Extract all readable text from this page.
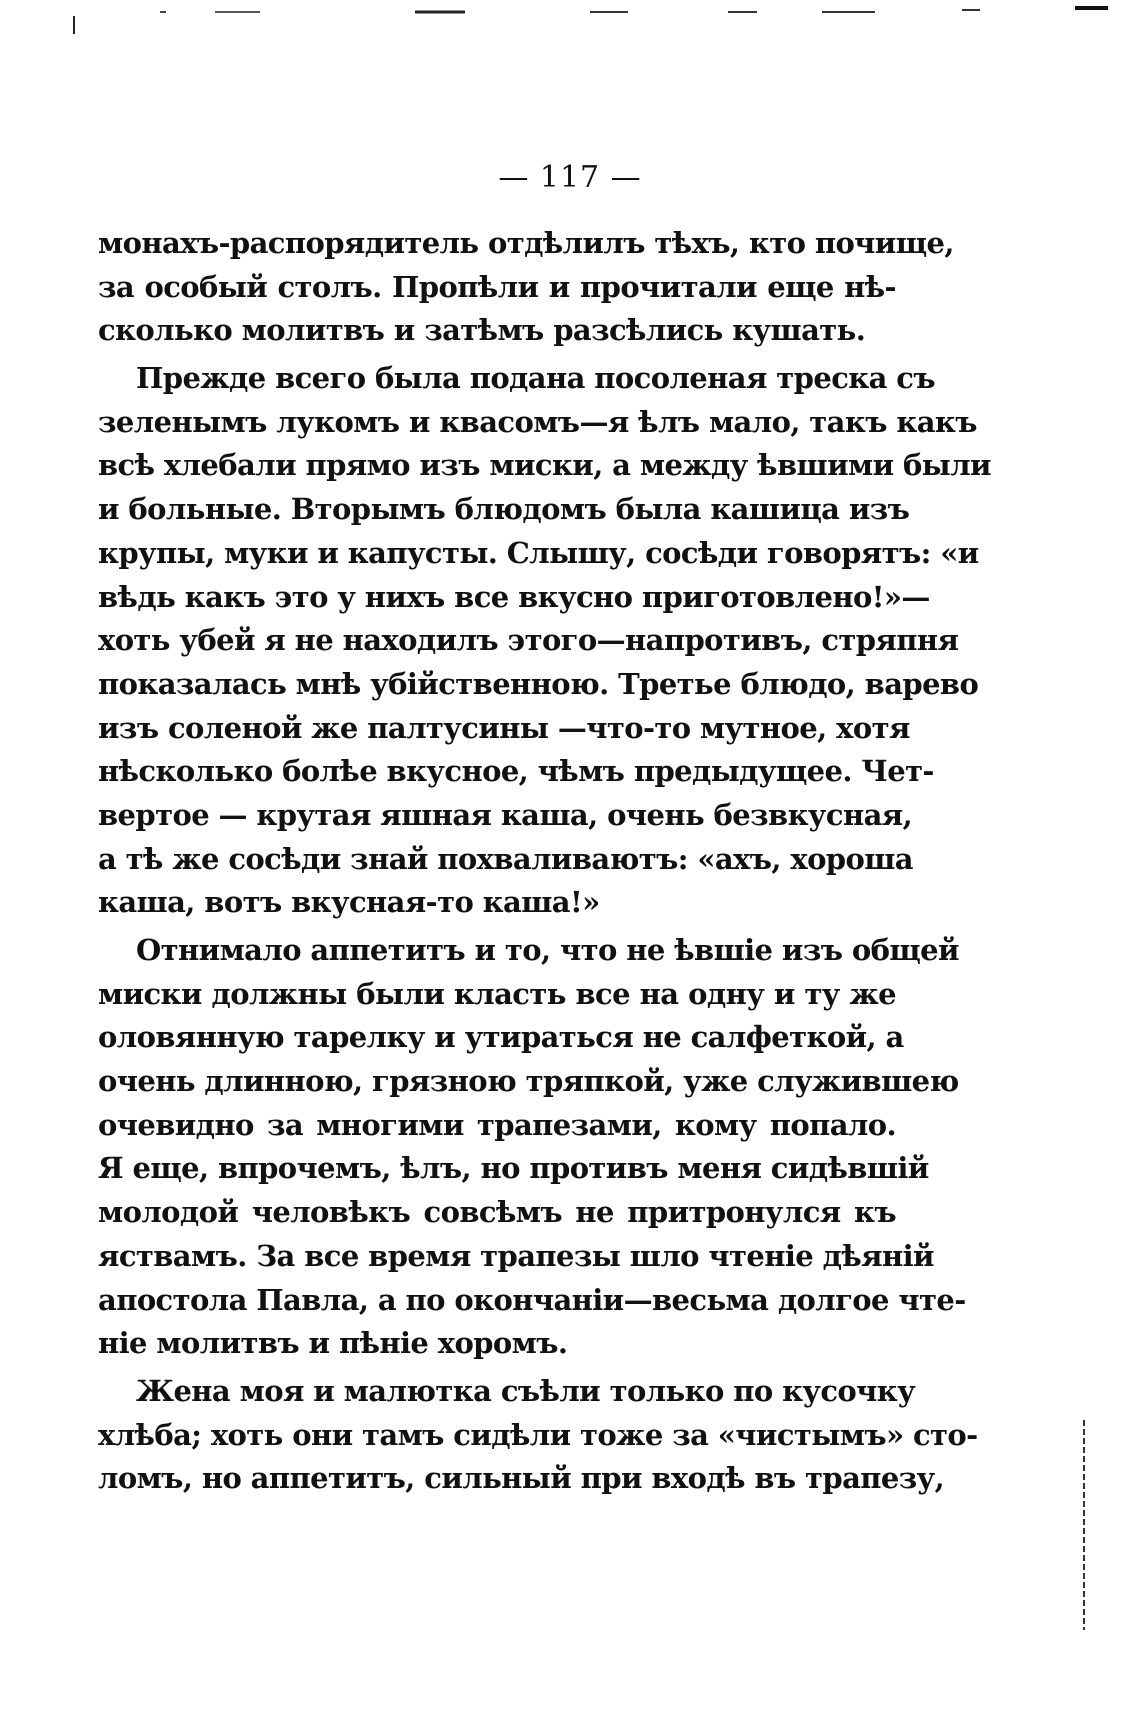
— 117 —
монахъ-распорядитель отдѣлилъ тѣхъ, кто почище,
за особый столъ. Пропѣли и прочитали еще нѣ-
сколько молитвъ и затѣмъ разсѣлись кушать.
Прежде всего была подана посоленая треска съ
зеленымъ лукомъ и квасомъ—я ѣлъ мало, такъ какъ
всѣ хлебали прямо изъ миски, а между ѣвшими были
и больные. Вторымъ блюдомъ была кашица изъ
крупы, муки и капусты. Слышу, сосѣди говорятъ: «и
вѣдь какъ это у нихъ все вкусно приготовлено!»—
хоть убей я не находилъ этого—напротивъ, стряпня
показалась мнѣ убійственною. Третье блюдо, варево
изъ соленой же палтусины —что-то мутное, хотя
нѣсколько болѣе вкусное, чѣмъ предыдущее. Чет-
вертое — крутая яшная каша, очень безвкусная,
а тѣ же сосѣди знай похваливаютъ: «ахъ, хороша
каша, вотъ вкусная-то каша!»
Отнимало аппетитъ и то, что не ѣвшіе изъ общей
миски должны были класть все на одну и ту же
оловянную тарелку и утираться не салфеткой, а
очень длинною, грязною тряпкой, уже служившею
очевидно за многими трапезами, кому попало.
Я еще, впрочемъ, ѣлъ, но противъ меня сидѣвшій
молодой человѣкъ совсѣмъ не притронулся къ
яствамъ. За все время трапезы шло чтеніе дѣяній
апостола Павла, а по окончаніи—весьма долгое чте-
ніе молитвъ и пѣніе хоромъ.
Жена моя и малютка съѣли только по кусочку
хлѣба; хоть они тамъ сидѣли тоже за «чистымъ» сто-
ломъ, но аппетитъ, сильный при входѣ въ трапезу,
